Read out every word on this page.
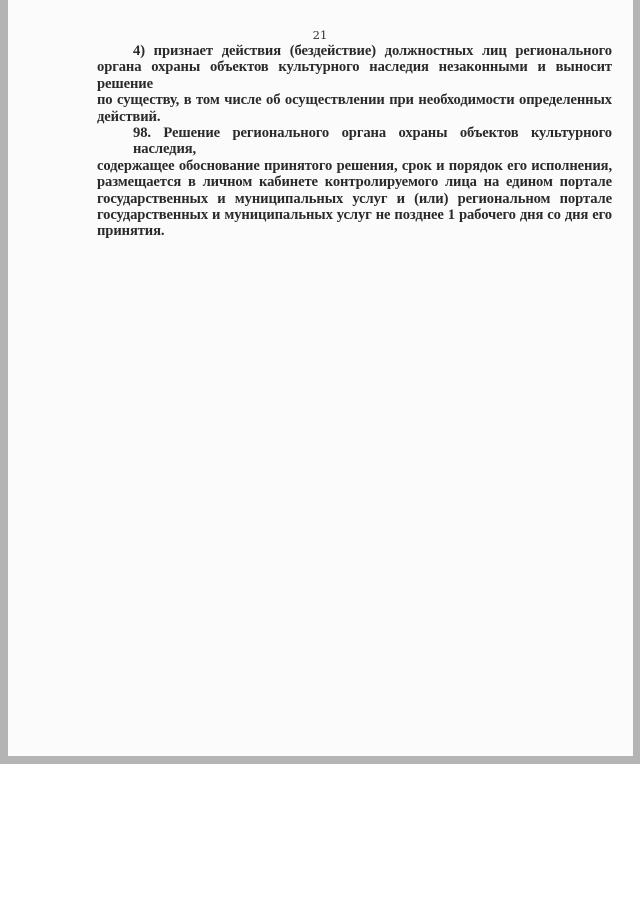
21
4) признает действия (бездействие) должностных лиц регионального
органа охраны объектов культурного наследия незаконными и выносит решение
по существу, в том числе об осуществлении при необходимости определенных
действий.
98. Решение регионального органа охраны объектов культурного наследия,
содержащее обоснование принятого решения, срок и порядок его исполнения,
размещается в личном кабинете контролируемого лица на едином портале
государственных и муниципальных услуг и (или) региональном портале
государственных и муниципальных услуг не позднее 1 рабочего дня со дня его
принятия.
